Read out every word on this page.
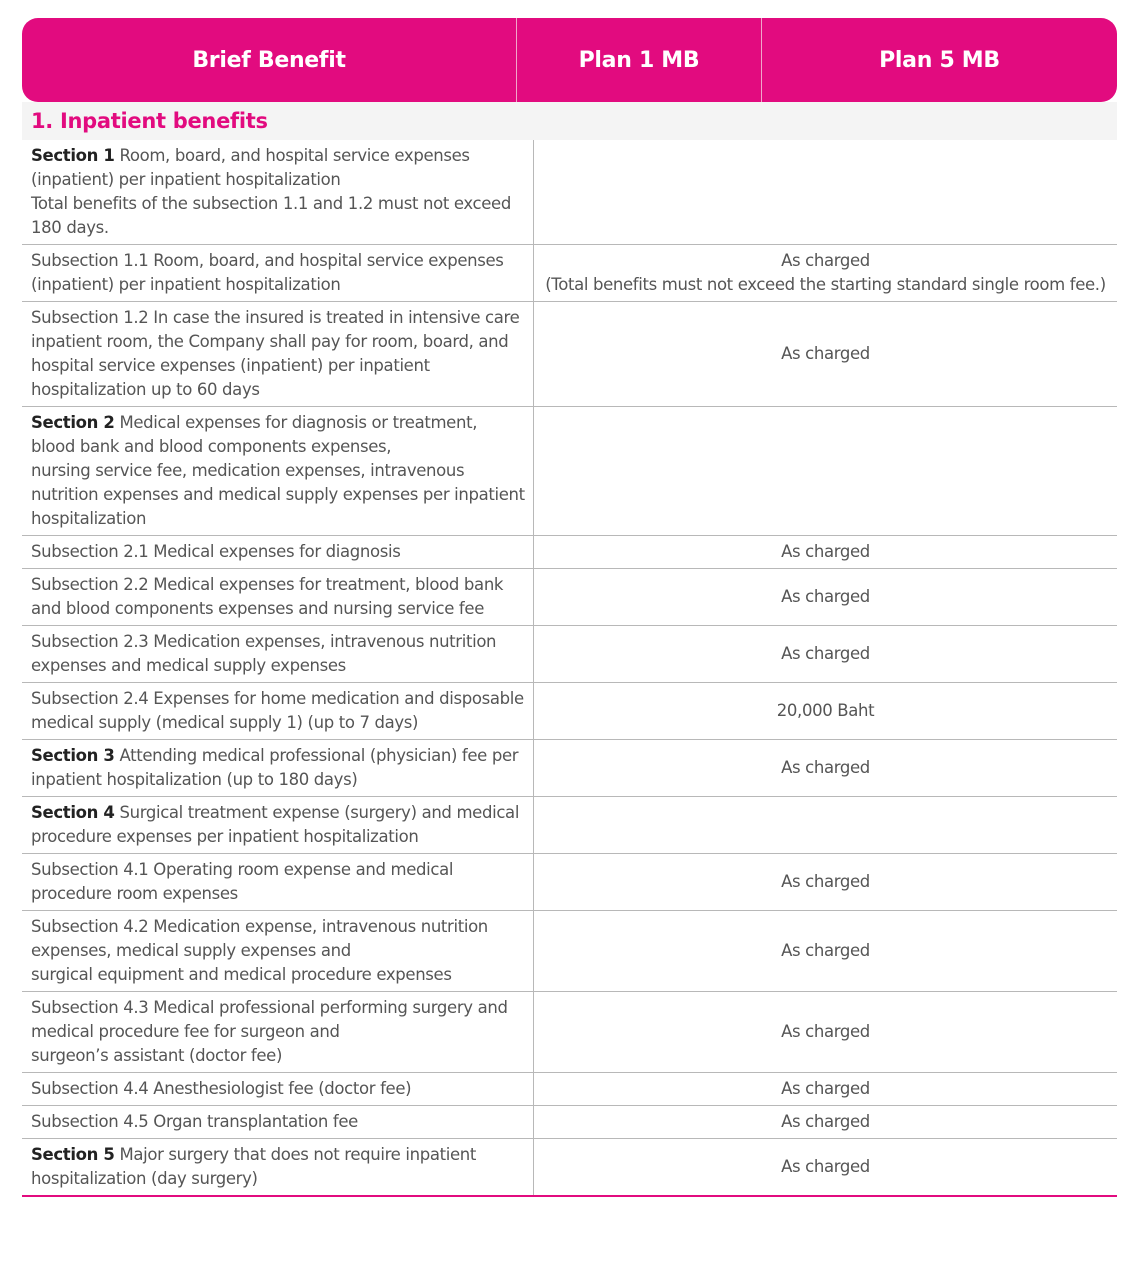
Brief Benefit	Plan 1 MB	Plan 5 MB
1. Inpatient benefits
Section 1 Room, board, and hospital service expenses (inpatient) per inpatient hospitalization
Total benefits of the subsection 1.1 and 1.2 must not exceed 180 days.	

Subsection 1.1 Room, board, and hospital service expenses (inpatient) per inpatient hospitalization	As charged
(Total benefits must not exceed the starting standard single room fee.)

Subsection 1.2 In case the insured is treated in intensive care inpatient room, the Company shall pay for room, board, and hospital service expenses (inpatient) per inpatient hospitalization up to 60 days	As charged

Section 2 Medical expenses for diagnosis or treatment, blood bank and blood components expenses,
nursing service fee, medication expenses, intravenous nutrition expenses and medical supply expenses per inpatient hospitalization	

Subsection 2.1 Medical expenses for diagnosis	As charged

Subsection 2.2 Medical expenses for treatment, blood bank and blood components expenses and nursing service fee	As charged

Subsection 2.3 Medication expenses, intravenous nutrition expenses and medical supply expenses	As charged

Subsection 2.4 Expenses for home medication and disposable medical supply (medical supply 1) (up to 7 days)	20,000 Baht

Section 3 Attending medical professional (physician) fee per inpatient hospitalization (up to 180 days)	As charged

Section 4 Surgical treatment expense (surgery) and medical procedure expenses per inpatient hospitalization	

Subsection 4.1 Operating room expense and medical procedure room expenses	As charged

Subsection 4.2 Medication expense, intravenous nutrition expenses, medical supply expenses and
surgical equipment and medical procedure expenses	As charged

Subsection 4.3 Medical professional performing surgery and medical procedure fee for surgeon and
surgeon’s assistant (doctor fee)	As charged

Subsection 4.4 Anesthesiologist fee (doctor fee)	As charged

Subsection 4.5 Organ transplantation fee	As charged

Section 5 Major surgery that does not require inpatient hospitalization (day surgery)	As charged
